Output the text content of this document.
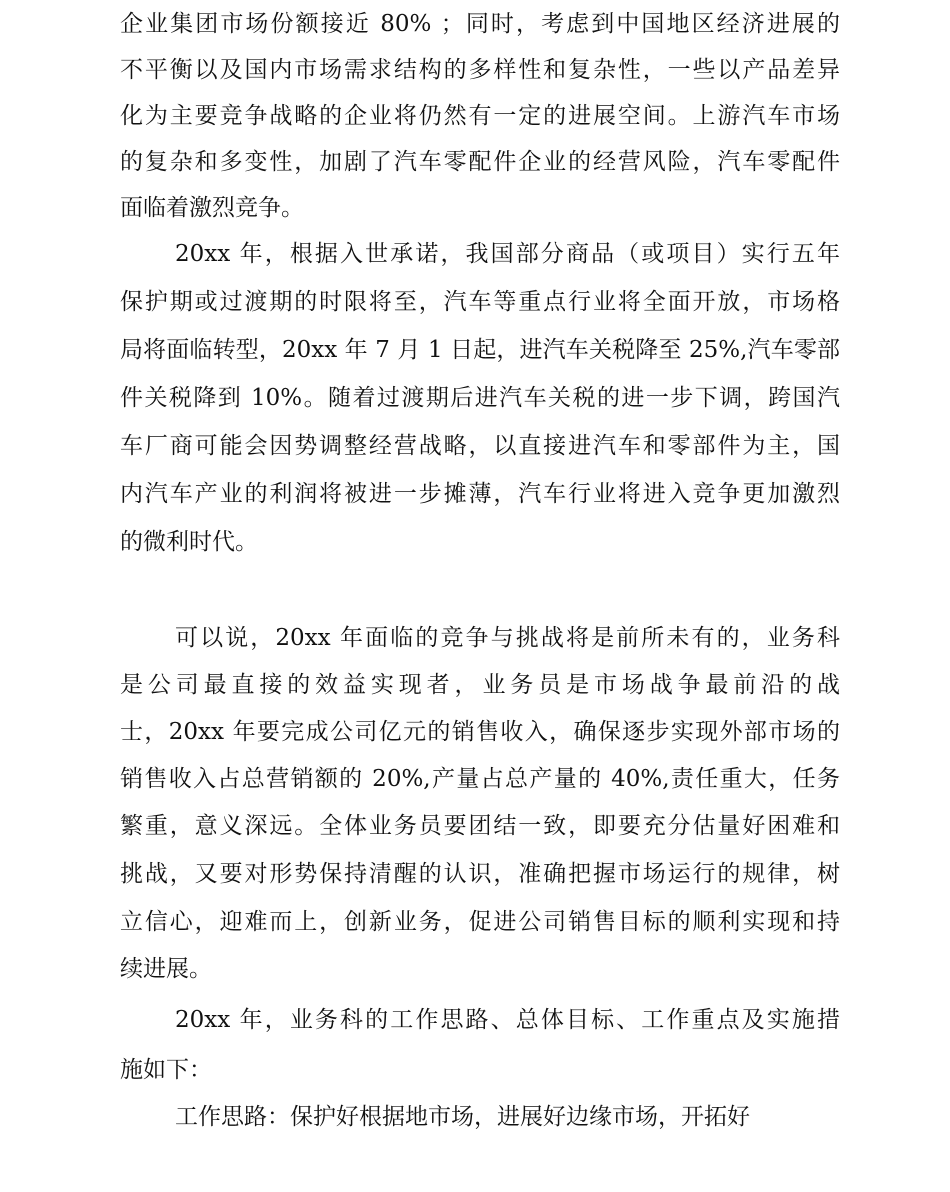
企业集团市场份额接近 80% ；同时，考虑到中国地区经济进展的
不平衡以及国内市场需求结构的多样性和复杂性，一些以产品差异
化为主要竞争战略的企业将仍然有一定的进展空间。上游汽车市场
的复杂和多变性，加剧了汽车零配件企业的经营风险，汽车零配件
面临着激烈竞争。
20xx 年，根据入世承诺，我国部分商品（或项目）实行五年
保护期或过渡期的时限将至，汽车等重点行业将全面开放，市场格
局将面临转型，20xx 年 7 月 1 日起，进汽车关税降至 25%,汽车零部
件关税降到 10%。随着过渡期后进汽车关税的进一步下调，跨国汽
车厂商可能会因势调整经营战略，以直接进汽车和零部件为主，国
内汽车产业的利润将被进一步摊薄，汽车行业将进入竞争更加激烈
的微利时代。
可以说，20xx 年面临的竞争与挑战将是前所未有的，业务科
是公司最直接的效益实现者，业务员是市场战争最前沿的战
士，20xx 年要完成公司亿元的销售收入，确保逐步实现外部市场的
销售收入占总营销额的 20%,产量占总产量的 40%,责任重大，任务
繁重，意义深远。全体业务员要团结一致，即要充分估量好困难和
挑战，又要对形势保持清醒的认识，准确把握市场运行的规律，树
立信心，迎难而上，创新业务，促进公司销售目标的顺利实现和持
续进展。
20xx 年，业务科的工作思路、总体目标、工作重点及实施措
施如下：
工作思路：保护好根据地市场，进展好边缘市场，开拓好
